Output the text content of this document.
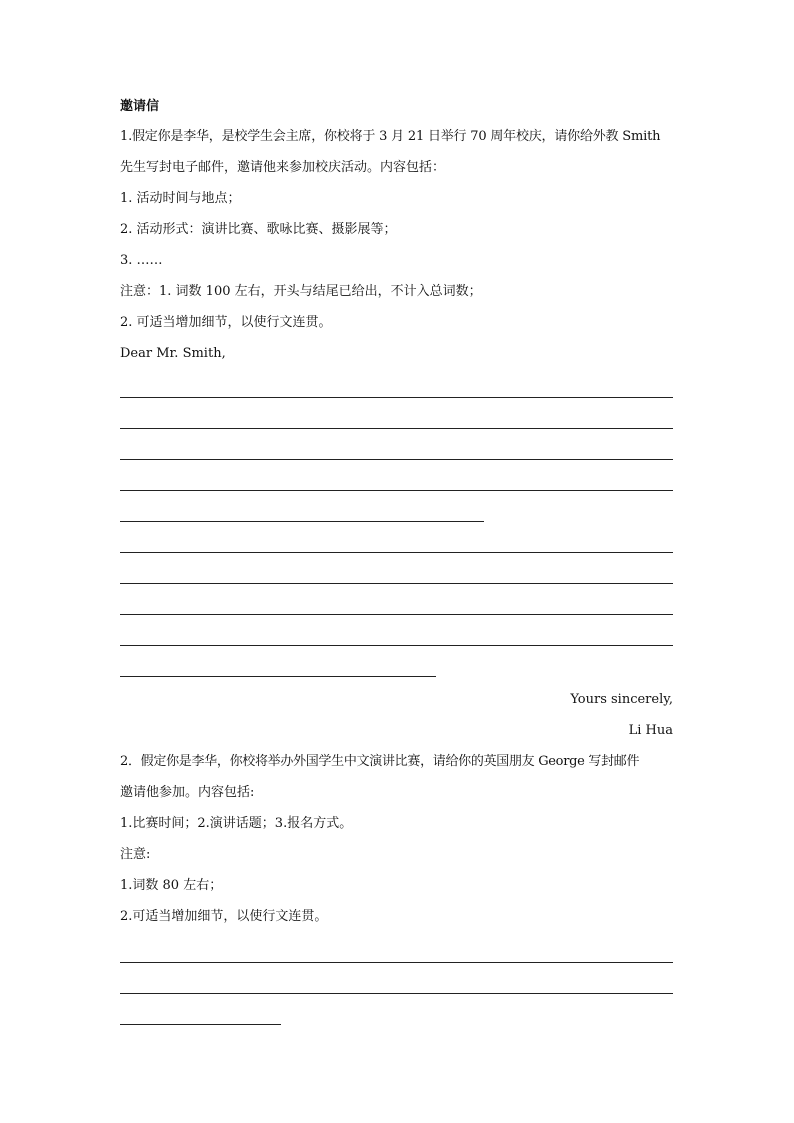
邀请信
1.假定你是李华，是校学生会主席，你校将于 3 月 21 日举行 70 周年校庆，请你给外教 Smith
先生写封电子邮件，邀请他来参加校庆活动。内容包括：
1. 活动时间与地点；
2. 活动形式：演讲比赛、歌咏比赛、摄影展等；
3. ……
注意：1. 词数 100 左右，开头与结尾已给出，不计入总词数；
2. 可适当增加细节，以使行文连贯。
Dear Mr. Smith,
Yours sincerely,
Li Hua
2．假定你是李华，你校将举办外国学生中文演讲比赛，请给你的英国朋友 George 写封邮件
邀请他参加。内容包括:
1.比赛时间；2.演讲话题；3.报名方式。
注意:
1.词数 80 左右；
2.可适当增加细节，以使行文连贯。
